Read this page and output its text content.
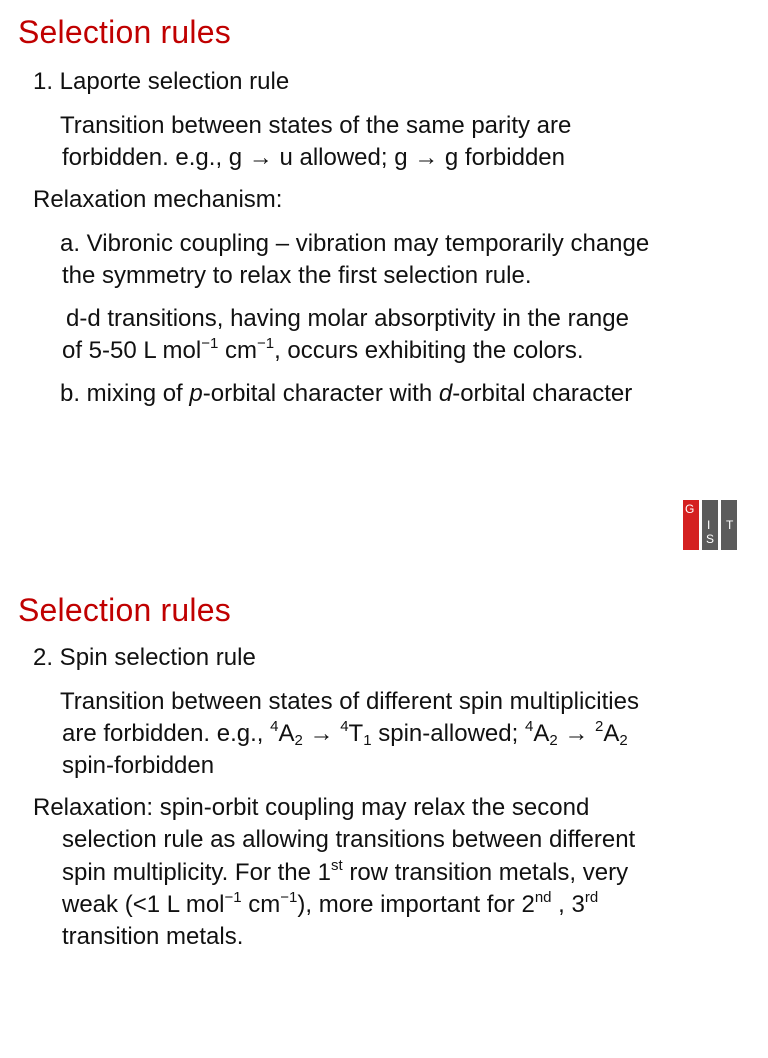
Selection rules

1. Laporte selection rule

Transition between states of the same parity are

forbidden. e.g., g → u allowed; g → g forbidden

Relaxation mechanism:

a. Vibronic coupling – vibration may temporarily change

the symmetry to relax the first selection rule.

d-d transitions, having molar absorptivity in the range

of 5-50 L mol$^{-1}$ $cm^{-1}$, occurs exhibiting the colors.

b. mixing of p-orbital character with d-orbital character

G
I
S
T
Selection rules

2. Spin selection rule

Transition between states of different spin multiplicities

are forbidden. e.g., $^4A_2 \to ^4T_1$ spin-allowed; $^4A_2 \to ^2A_2$

spin-forbidden

Relaxation: spin-orbit coupling may relax the second

selection rule as allowing transitions between different

spin multiplicity. For the 1st row transition metals, very

weak (<1 L mol$^{-1}$ $cm^{-1}$), more important for 2nd , 3rd

transition metals.
